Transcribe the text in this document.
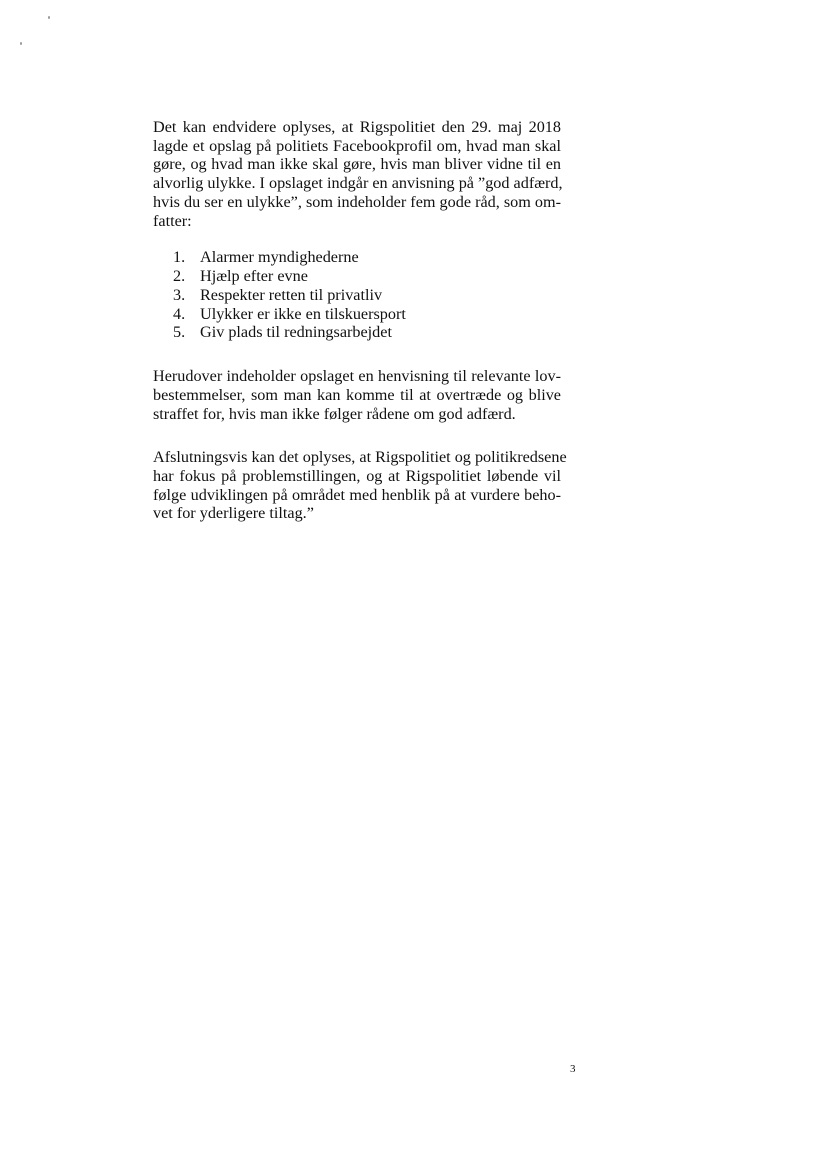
Det kan endvidere oplyses, at Rigspolitiet den 29. maj 2018
lagde et opslag på politiets Facebookprofil om, hvad man skal
gøre, og hvad man ikke skal gøre, hvis man bliver vidne til en
alvorlig ulykke. I opslaget indgår en anvisning på ”god adfærd,
hvis du ser en ulykke”, som indeholder fem gode råd, som om-
fatter:

1. Alarmer myndighederne
2. Hjælp efter evne
3. Respekter retten til privatliv
4. Ulykker er ikke en tilskuersport
5. Giv plads til redningsarbejdet

Herudover indeholder opslaget en henvisning til relevante lov-
bestemmelser, som man kan komme til at overtræde og blive
straffet for, hvis man ikke følger rådene om god adfærd.

Afslutningsvis kan det oplyses, at Rigspolitiet og politikredsene
har fokus på problemstillingen, og at Rigspolitiet løbende vil
følge udviklingen på området med henblik på at vurdere beho-
vet for yderligere tiltag.”

3
